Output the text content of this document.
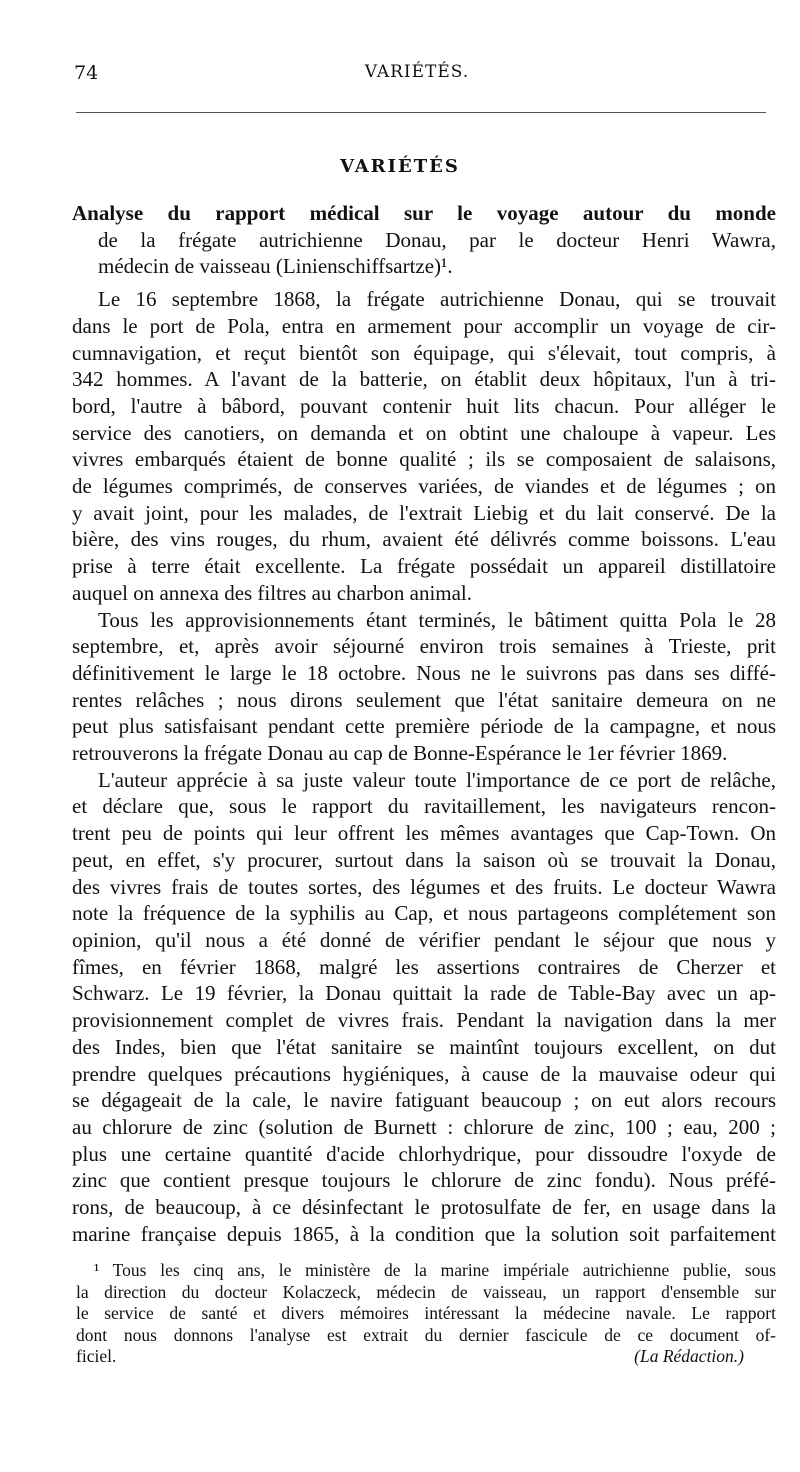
74	VARIÉTÉS.
VARIÉTÉS
Analyse du rapport médical sur le voyage autour du monde
de la frégate autrichienne Donau, par le docteur Henri Wawra,
médecin de vaisseau (Linienschiffsartze)¹.
Le 16 septembre 1868, la frégate autrichienne Donau, qui se trouvait
dans le port de Pola, entra en armement pour accomplir un voyage de cir-
cumnavigation, et reçut bientôt son équipage, qui s'élevait, tout compris, à
342 hommes. A l'avant de la batterie, on établit deux hôpitaux, l'un à tri-
bord, l'autre à bâbord, pouvant contenir huit lits chacun. Pour alléger le
service des canotiers, on demanda et on obtint une chaloupe à vapeur. Les
vivres embarqués étaient de bonne qualité ; ils se composaient de salaisons,
de légumes comprimés, de conserves variées, de viandes et de légumes ; on
y avait joint, pour les malades, de l'extrait Liebig et du lait conservé. De la
bière, des vins rouges, du rhum, avaient été délivrés comme boissons. L'eau
prise à terre était excellente. La frégate possédait un appareil distillatoire
auquel on annexa des filtres au charbon animal.
Tous les approvisionnements étant terminés, le bâtiment quitta Pola le 28
septembre, et, après avoir séjourné environ trois semaines à Trieste, prit
définitivement le large le 18 octobre. Nous ne le suivrons pas dans ses diffé-
rentes relâches ; nous dirons seulement que l'état sanitaire demeura on ne
peut plus satisfaisant pendant cette première période de la campagne, et nous
retrouverons la frégate Donau au cap de Bonne-Espérance le 1er février 1869.
L'auteur apprécie à sa juste valeur toute l'importance de ce port de relâche,
et déclare que, sous le rapport du ravitaillement, les navigateurs rencon-
trent peu de points qui leur offrent les mêmes avantages que Cap-Town. On
peut, en effet, s'y procurer, surtout dans la saison où se trouvait la Donau,
des vivres frais de toutes sortes, des légumes et des fruits. Le docteur Wawra
note la fréquence de la syphilis au Cap, et nous partageons complétement son
opinion, qu'il nous a été donné de vérifier pendant le séjour que nous y
fîmes, en février 1868, malgré les assertions contraires de Cherzer et
Schwarz. Le 19 février, la Donau quittait la rade de Table-Bay avec un ap-
provisionnement complet de vivres frais. Pendant la navigation dans la mer
des Indes, bien que l'état sanitaire se maintînt toujours excellent, on dut
prendre quelques précautions hygiéniques, à cause de la mauvaise odeur qui
se dégageait de la cale, le navire fatiguant beaucoup ; on eut alors recours
au chlorure de zinc (solution de Burnett : chlorure de zinc, 100 ; eau, 200 ;
plus une certaine quantité d'acide chlorhydrique, pour dissoudre l'oxyde de
zinc que contient presque toujours le chlorure de zinc fondu). Nous préfé-
rons, de beaucoup, à ce désinfectant le protosulfate de fer, en usage dans la
marine française depuis 1865, à la condition que la solution soit parfaitement
¹ Tous les cinq ans, le ministère de la marine impériale autrichienne publie, sous
la direction du docteur Kolaczeck, médecin de vaisseau, un rapport d'ensemble sur
le service de santé et divers mémoires intéressant la médecine navale. Le rapport
dont nous donnons l'analyse est extrait du dernier fascicule de ce document of-
ficiel.	(La Rédaction.)
